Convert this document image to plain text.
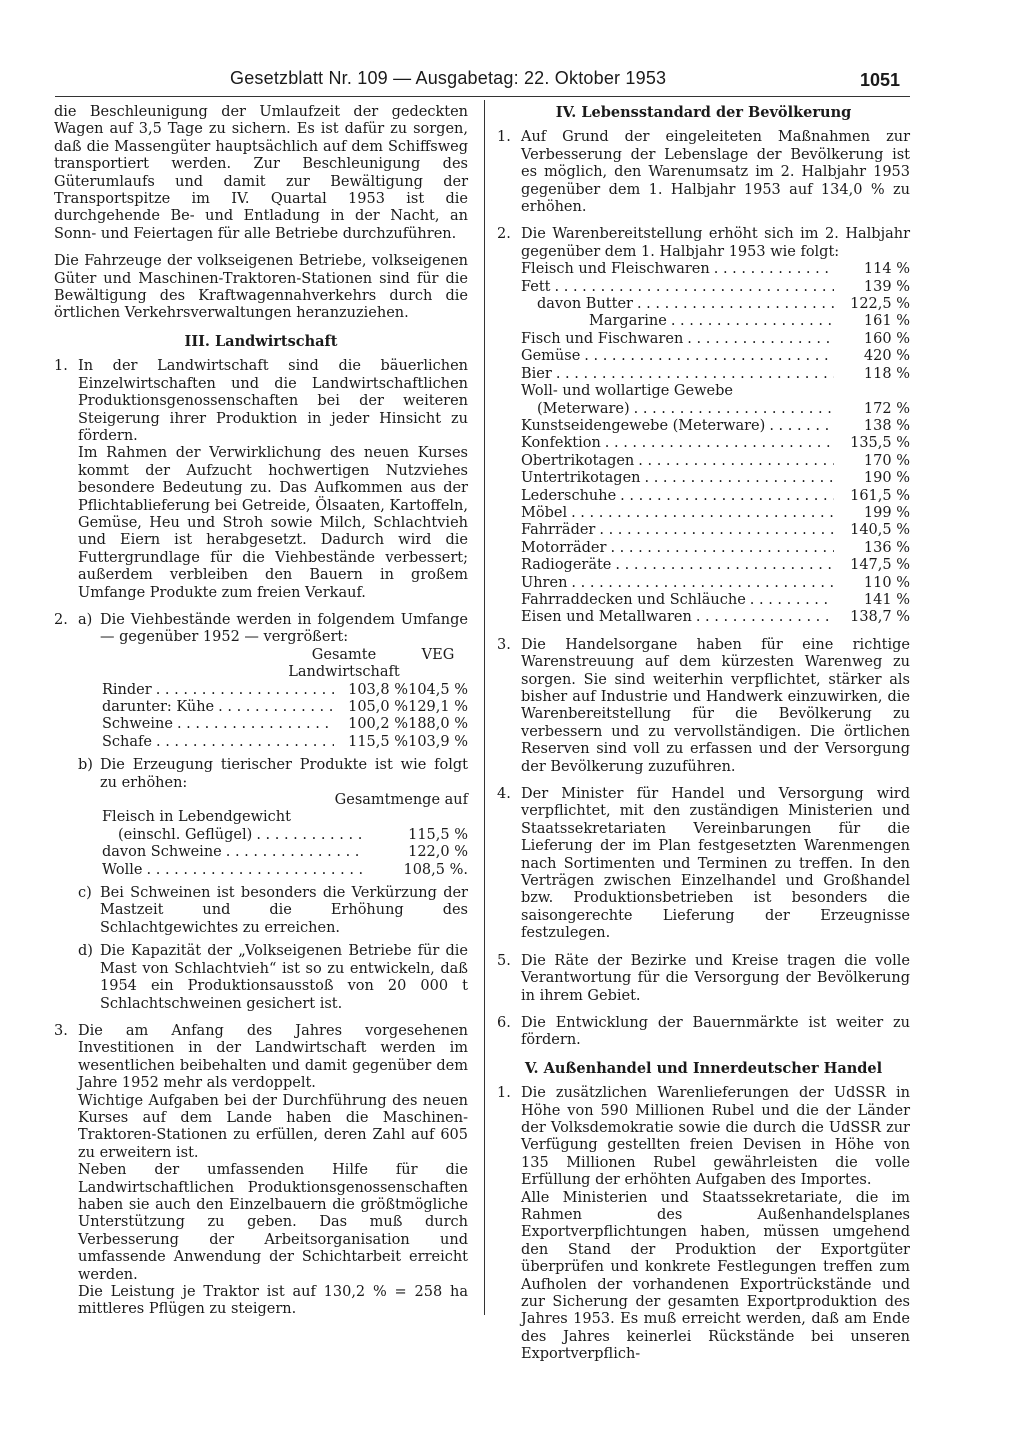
Gesetzblatt Nr. 109 — Ausgabetag: 22. Oktober 1953	1051

die Beschleunigung der Umlaufzeit der gedeckten Wagen auf 3,5 Tage zu sichern. Es ist dafür zu sorgen, daß die Massengüter hauptsächlich auf dem Schiffsweg transportiert werden. Zur Beschleunigung des Güterumlaufs und damit zur Bewältigung der Transportspitze im IV. Quartal 1953 ist die durchgehende Be- und Entladung in der Nacht, an Sonn- und Feiertagen für alle Betriebe durchzuführen.

Die Fahrzeuge der volkseigenen Betriebe, volkseigenen Güter und Maschinen-Traktoren-Stationen sind für die Bewältigung des Kraftwagennahverkehrs durch die örtlichen Verkehrsverwaltungen heranzuziehen.

III. Landwirtschaft
1. In der Landwirtschaft sind die bäuerlichen Einzelwirtschaften und die Landwirtschaftlichen Produktionsgenossenschaften bei der weiteren Steigerung ihrer Produktion in jeder Hinsicht zu fördern.

Im Rahmen der Verwirklichung des neuen Kurses kommt der Aufzucht hochwertigen Nutzviehes besondere Bedeutung zu. Das Aufkommen aus der Pflichtablieferung bei Getreide, Ölsaaten, Kartoffeln, Gemüse, Heu und Stroh sowie Milch, Schlachtvieh und Eiern ist herabgesetzt. Dadurch wird die Futtergrundlage für die Viehbestände verbessert; außerdem verbleiben den Bauern in großem Umfange Produkte zum freien Verkauf.

2. a) Die Viehbestände werden in folgendem Umfange — gegenüber 1952 — vergrößert:

Gesamte Landwirtschaft
VEG
Rinder . . .	103,8 % 104,5 %
darunter: Kühe . . .	105,0 % 129,1 %
Schweine . . .	100,2 % 188,0 %
Schafe . . .	115,5 % 103,9 %
b) Die Erzeugung tierischer Produkte ist wie folgt zu erhöhen:

Gesamtmenge auf
Fleisch in Lebendgewicht
(einschl. Geflügel) . . .	115,5 %
davon Schweine . . .	122,0 %
Wolle . . .	108,5 %.
c) Bei Schweinen ist besonders die Verkürzung der Mastzeit und die Erhöhung des Schlachtgewichtes zu erreichen.

d) Die Kapazität der „Volkseigenen Betriebe für die Mast von Schlachtvieh“ ist so zu entwickeln, daß 1954 ein Produktionsausstoß von 20 000 t Schlachtschweinen gesichert ist.

3. Die am Anfang des Jahres vorgesehenen Investitionen in der Landwirtschaft werden im wesentlichen beibehalten und damit gegenüber dem Jahre 1952 mehr als verdoppelt.

Wichtige Aufgaben bei der Durchführung des neuen Kurses auf dem Lande haben die Maschinen-Traktoren-Stationen zu erfüllen, deren Zahl auf 605 zu erweitern ist.

Neben der umfassenden Hilfe für die Landwirtschaftlichen Produktionsgenossenschaften haben sie auch den Einzelbauern die größtmögliche Unterstützung zu geben. Das muß durch Verbesserung der Arbeitsorganisation und umfassende Anwendung der Schichtarbeit erreicht werden.

Die Leistung je Traktor ist auf 130,2 % = 258 ha mittleres Pflügen zu steigern.

IV. Lebensstandard der Bevölkerung
1. Auf Grund der eingeleiteten Maßnahmen zur Verbesserung der Lebenslage der Bevölkerung ist es möglich, den Warenumsatz im 2. Halbjahr 1953 gegenüber dem 1. Halbjahr 1953 auf 134,0 % zu erhöhen.

2. Die Warenbereitstellung erhöht sich im 2. Halbjahr gegenüber dem 1. Halbjahr 1953 wie folgt:

Fleisch und Fleischwaren . . .	114 %
Fett . . .	139 %
davon Butter . . .	122,5 %
Margarine . . .	161 %
Fisch und Fischwaren . . .	160 %
Gemüse . . .	420 %
Bier . . .	118 %
Woll- und wollartige Gewebe
(Meterware) . . .	172 %
Kunstseidengewebe (Meterware) . . .	138 %
Konfektion . . .	135,5 %
Obertrikotagen . . .	170 %
Untertrikotagen . . .	190 %
Lederschuhe . . .	161,5 %
Möbel . . .	199 %
Fahrräder . . .	140,5 %
Motorräder . . .	136 %
Radiogeräte . . .	147,5 %
Uhren . . .	110 %
Fahrraddecken und Schläuche . . .	141 %
Eisen und Metallwaren . . .	138,7 %
3. Die Handelsorgane haben für eine richtige Warenstreuung auf dem kürzesten Warenweg zu sorgen. Sie sind weiterhin verpflichtet, stärker als bisher auf Industrie und Handwerk einzuwirken, die Warenbereitstellung für die Bevölkerung zu verbessern und zu vervollständigen. Die örtlichen Reserven sind voll zu erfassen und der Versorgung der Bevölkerung zuzuführen.

4. Der Minister für Handel und Versorgung wird verpflichtet, mit den zuständigen Ministerien und Staatssekretariaten Vereinbarungen für die Lieferung der im Plan festgesetzten Warenmengen nach Sortimenten und Terminen zu treffen. In den Verträgen zwischen Einzelhandel und Großhandel bzw. Produktionsbetrieben ist besonders die saisongerechte Lieferung der Erzeugnisse festzulegen.

5. Die Räte der Bezirke und Kreise tragen die volle Verantwortung für die Versorgung der Bevölkerung in ihrem Gebiet.

6. Die Entwicklung der Bauernmärkte ist weiter zu fördern.

V. Außenhandel und Innerdeutscher Handel
1. Die zusätzlichen Warenlieferungen der UdSSR in Höhe von 590 Millionen Rubel und die der Länder der Volksdemokratie sowie die durch die UdSSR zur Verfügung gestellten freien Devisen in Höhe von 135 Millionen Rubel gewährleisten die volle Erfüllung der erhöhten Aufgaben des Importes.

Alle Ministerien und Staatssekretariate, die im Rahmen des Außenhandelsplanes Exportverpflichtungen haben, müssen umgehend den Stand der Produktion der Exportgüter überprüfen und konkrete Festlegungen treffen zum Aufholen der vorhandenen Exportrückstände und zur Sicherung der gesamten Exportproduktion des Jahres 1953. Es muß erreicht werden, daß am Ende des Jahres keinerlei Rückstände bei unseren Exportverpflich-
